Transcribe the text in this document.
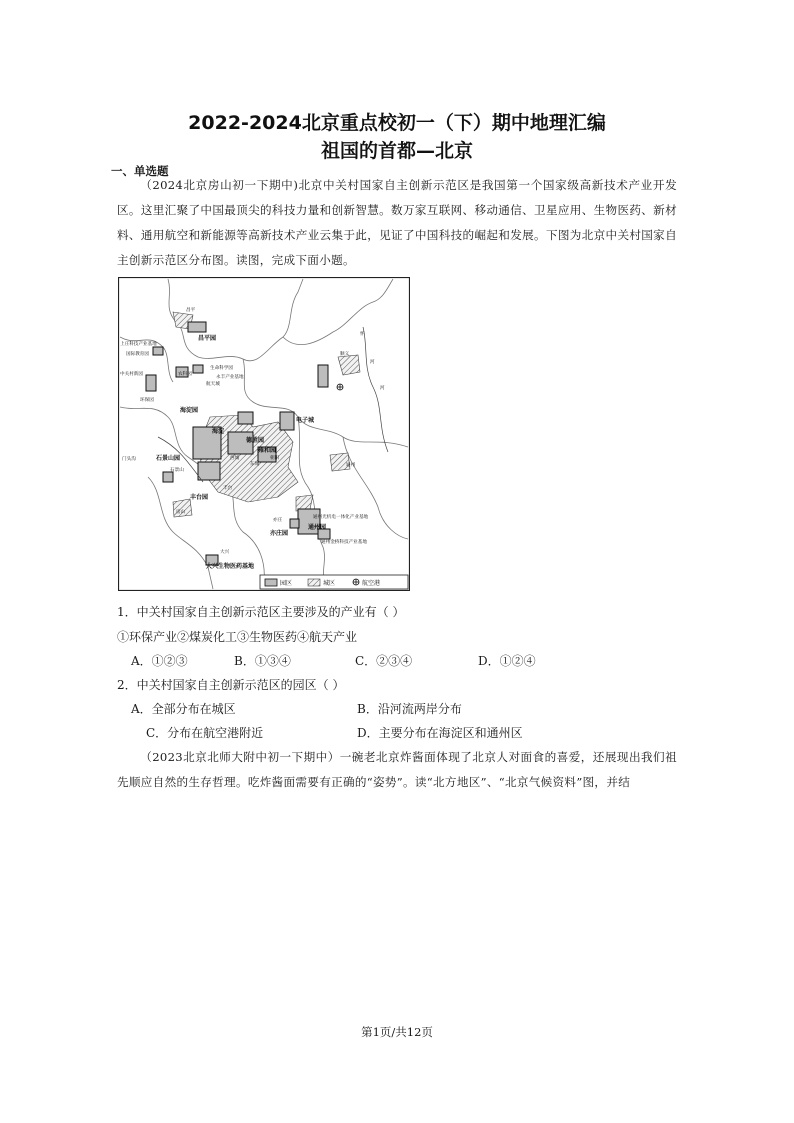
2022-2024北京重点校初一（下）期中地理汇编
祖国的首都—北京
一、单选题
（2024北京房山初一下期中)北京中关村国家自主创新示范区是我国第一个国家级高新技术产业开发区。这里汇聚了中国最顶尖的科技力量和创新智慧。数万家互联网、移动通信、卫星应用、生物医药、新材料、通用航空和新能源等高新技术产业云集于此，见证了中国科技的崛起和发展。下图为北京中关村国家自主创新示范区分布图。读图，完成下面小题。
昌平
昌平园
上庄科技产业基地
国际教育园
生命科学园
永丰产业基地
农科园
航天城
中关村新园
环保园
海淀园
电子城
顺义
怀
河
河
海淀
德胜园
门头沟	石景山园
石景山
西城
东城
朝阳
雍和园
通州
丰台
丰台园
房山
亦庄
亦庄园
通州光机电一体化产业基地
通州园
通州金桥科技产业基地
大兴
大兴生物医药基地
园区	城区	航空港
1．中关村国家自主创新示范区主要涉及的产业有（ ）
①环保产业②煤炭化工③生物医药④航天产业
A．①②③	B．①③④	C．②③④	D．①②④
2．中关村国家自主创新示范区的园区（ ）
A．全部分布在城区	B．沿河流两岸分布
C．分布在航空港附近	D．主要分布在海淀区和通州区
（2023北京北师大附中初一下期中）一碗老北京炸酱面体现了北京人对面食的喜爱，还展现出我们祖先顺应自然的生存哲理。吃炸酱面需要有正确的“姿势”。读“北方地区”、“北京气候资料”图，并结
第1页/共12页
